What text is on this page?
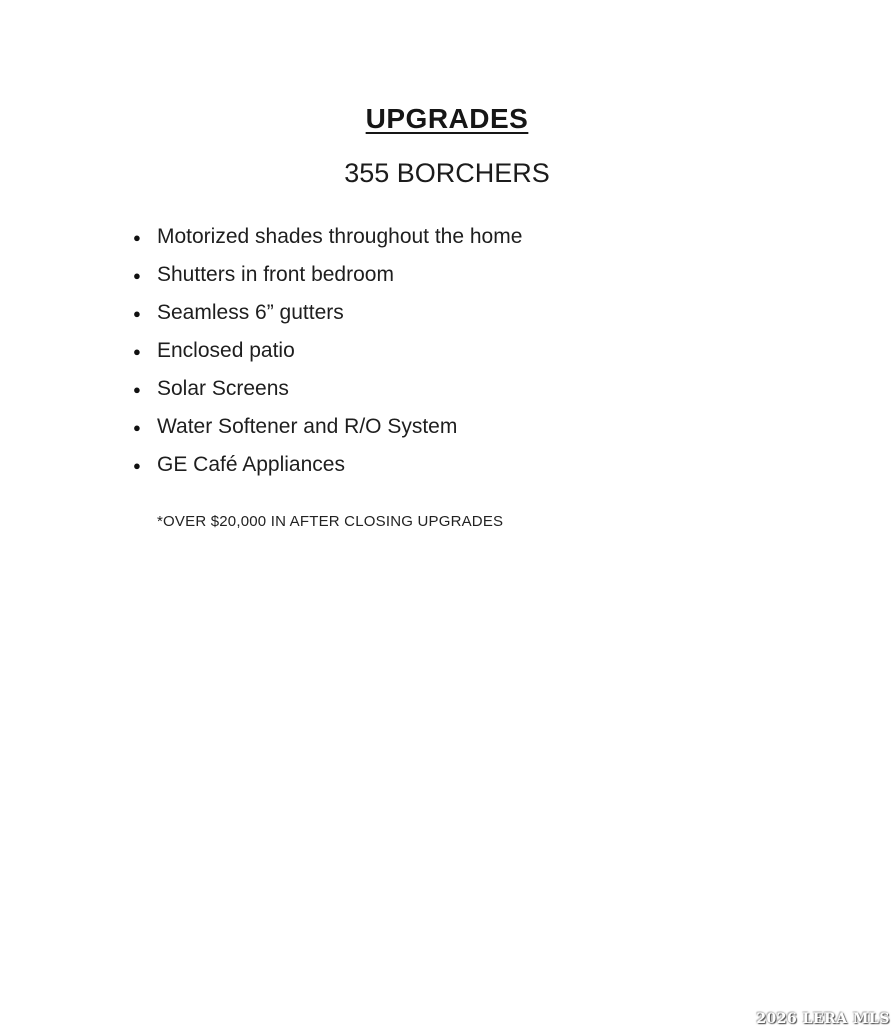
UPGRADES
355 BORCHERS
● Motorized shades throughout the home
● Shutters in front bedroom
● Seamless 6” gutters
● Enclosed patio
● Solar Screens
● Water Softener and R/O System
● GE Café Appliances

*OVER $20,000 IN AFTER CLOSING UPGRADES

2026 LERA MLS
